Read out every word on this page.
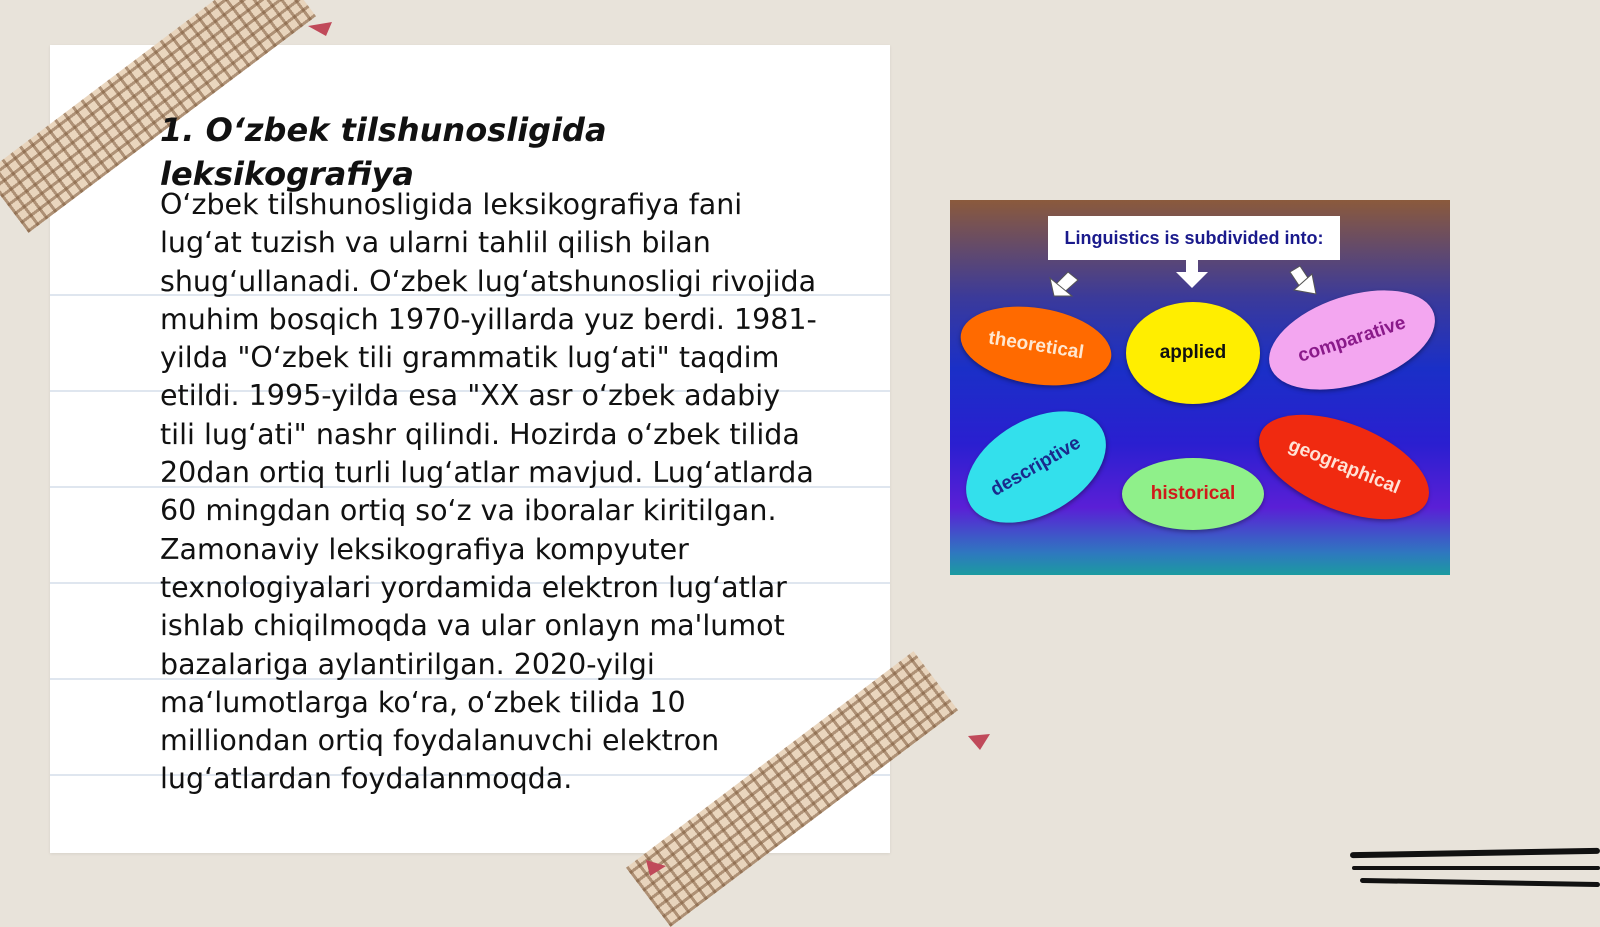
1. O‘zbek tilshunosligida leksikografiya

O‘zbek tilshunosligida leksikografiya fani lug‘at tuzish va ularni tahlil qilish bilan shug‘ullanadi. O‘zbek lug‘atshunosligi rivojida muhim bosqich 1970-yillarda yuz berdi. 1981-yilda "O‘zbek tili grammatik lug‘ati" taqdim etildi. 1995-yilda esa "XX asr o‘zbek adabiy tili lug‘ati" nashr qilindi. Hozirda o‘zbek tilida 20dan ortiq turli lug‘atlar mavjud. Lug‘atlarda 60 mingdan ortiq so‘z va iboralar kiritilgan. Zamonaviy leksikografiya kompyuter texnologiyalari yordamida elektron lug‘atlar ishlab chiqilmoqda va ular onlayn ma'lumot bazalariga aylantirilgan. 2020-yilgi ma‘lumotlarga ko‘ra, o‘zbek tilida 10 milliondan ortiq foydalanuvchi elektron lug‘atlardan foydalanmoqda.

Linguistics is subdivided into:
theoretical	applied	comparative
descriptive	historical	geographical
